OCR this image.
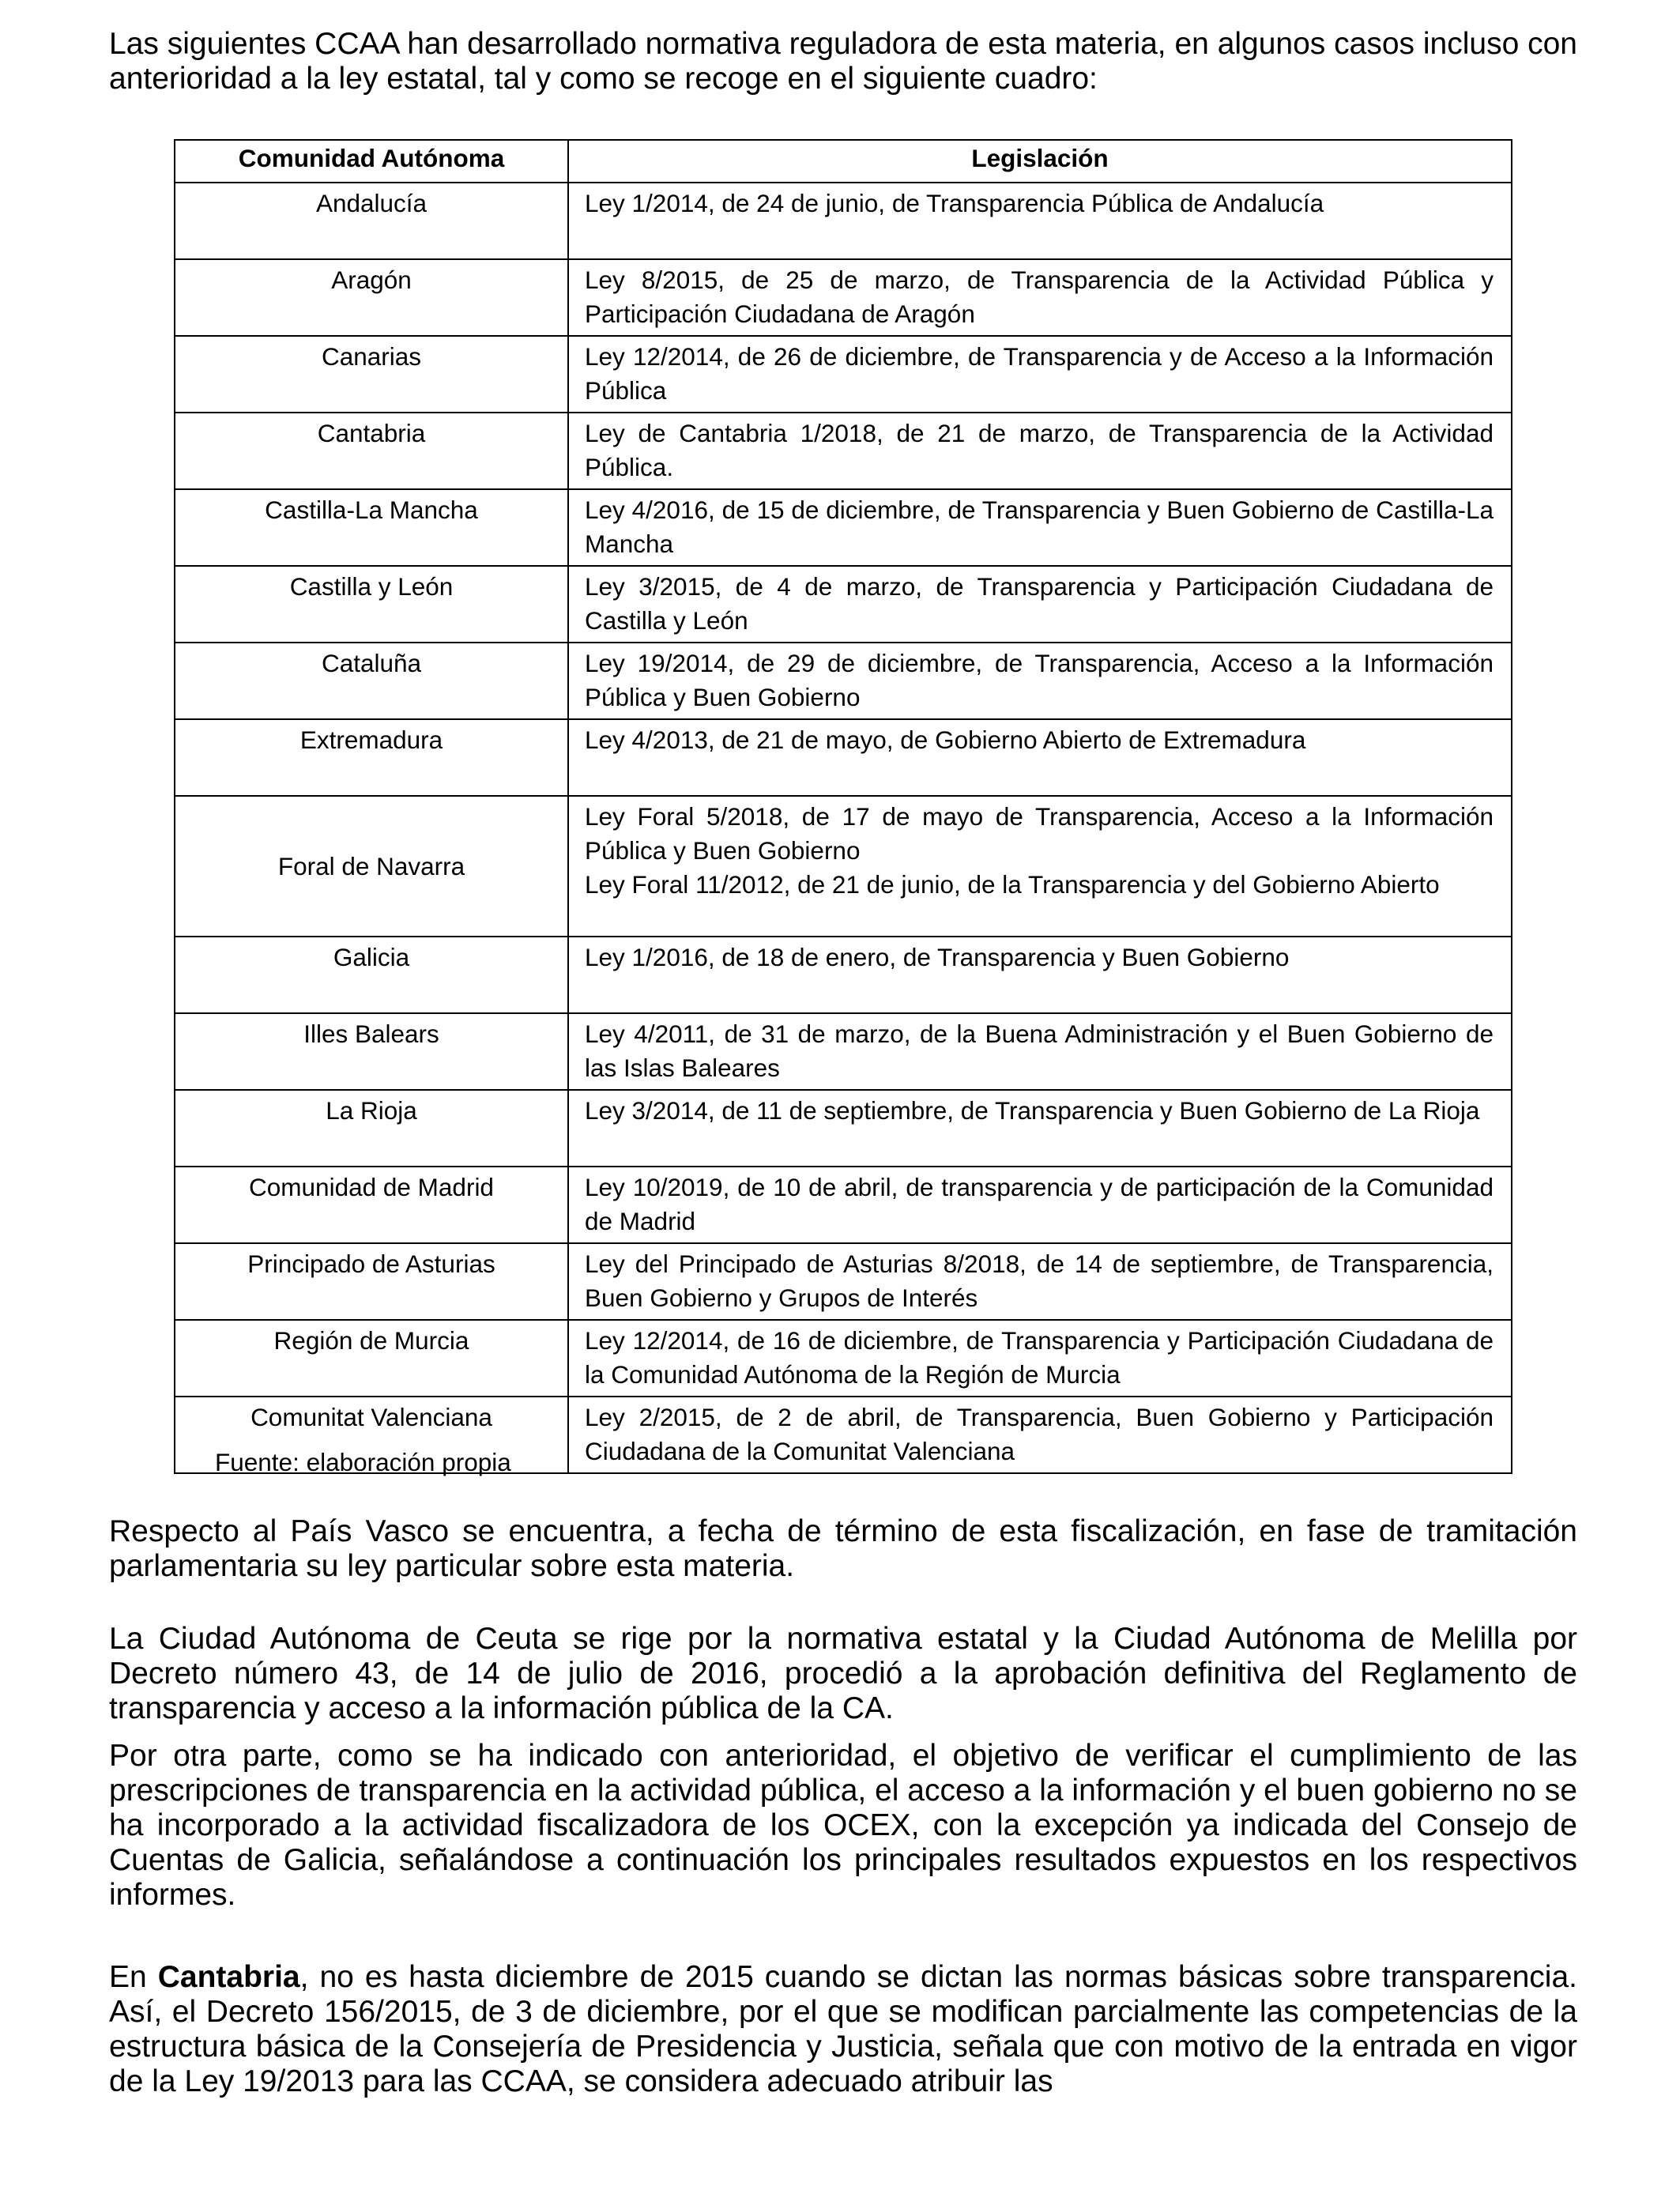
Las siguientes CCAA han desarrollado normativa reguladora de esta materia, en algunos casos incluso con anterioridad a la ley estatal, tal y como se recoge en el siguiente cuadro:

Comunidad Autónoma	Legislación
Andalucía	Ley 1/2014, de 24 de junio, de Transparencia Pública de Andalucía

Aragón	Ley 8/2015, de 25 de marzo, de Transparencia de la Actividad Pública y Participación Ciudadana de Aragón

Canarias	Ley 12/2014, de 26 de diciembre, de Transparencia y de Acceso a la Información Pública

Cantabria	Ley de Cantabria 1/2018, de 21 de marzo, de Transparencia de la Actividad Pública.

Castilla-La Mancha	Ley 4/2016, de 15 de diciembre, de Transparencia y Buen Gobierno de Castilla-La Mancha

Castilla y León	Ley 3/2015, de 4 de marzo, de Transparencia y Participación Ciudadana de Castilla y León

Cataluña	Ley 19/2014, de 29 de diciembre, de Transparencia, Acceso a la Información Pública y Buen Gobierno

Extremadura	Ley 4/2013, de 21 de mayo, de Gobierno Abierto de Extremadura

Foral de Navarra	Ley Foral 5/2018, de 17 de mayo de Transparencia, Acceso a la Información Pública y Buen Gobierno
Ley Foral 11/2012, de 21 de junio, de la Transparencia y del Gobierno Abierto

Galicia	Ley 1/2016, de 18 de enero, de Transparencia y Buen Gobierno

Illes Balears	Ley 4/2011, de 31 de marzo, de la Buena Administración y el Buen Gobierno de las Islas Baleares

La Rioja	Ley 3/2014, de 11 de septiembre, de Transparencia y Buen Gobierno de La Rioja

Comunidad de Madrid	Ley 10/2019, de 10 de abril, de transparencia y de participación de la Comunidad de Madrid

Principado de Asturias	Ley del Principado de Asturias 8/2018, de 14 de septiembre, de Transparencia, Buen Gobierno y Grupos de Interés

Región de Murcia	Ley 12/2014, de 16 de diciembre, de Transparencia y Participación Ciudadana de la Comunidad Autónoma de la Región de Murcia

Comunitat Valenciana	Ley 2/2015, de 2 de abril, de Transparencia, Buen Gobierno y Participación Ciudadana de la Comunitat Valenciana
Fuente: elaboración propia

Respecto al País Vasco se encuentra, a fecha de término de esta fiscalización, en fase de tramitación parlamentaria su ley particular sobre esta materia.

La Ciudad Autónoma de Ceuta se rige por la normativa estatal y la Ciudad Autónoma de Melilla por Decreto número 43, de 14 de julio de 2016, procedió a la aprobación definitiva del Reglamento de transparencia y acceso a la información pública de la CA.

Por otra parte, como se ha indicado con anterioridad, el objetivo de verificar el cumplimiento de las prescripciones de transparencia en la actividad pública, el acceso a la información y el buen gobierno no se ha incorporado a la actividad fiscalizadora de los OCEX, con la excepción ya indicada del Consejo de Cuentas de Galicia, señalándose a continuación los principales resultados expuestos en los respectivos informes.

En Cantabria, no es hasta diciembre de 2015 cuando se dictan las normas básicas sobre transparencia. Así, el Decreto 156/2015, de 3 de diciembre, por el que se modifican parcialmente las competencias de la estructura básica de la Consejería de Presidencia y Justicia, señala que con motivo de la entrada en vigor de la Ley 19/2013 para las CCAA, se considera adecuado atribuir las
